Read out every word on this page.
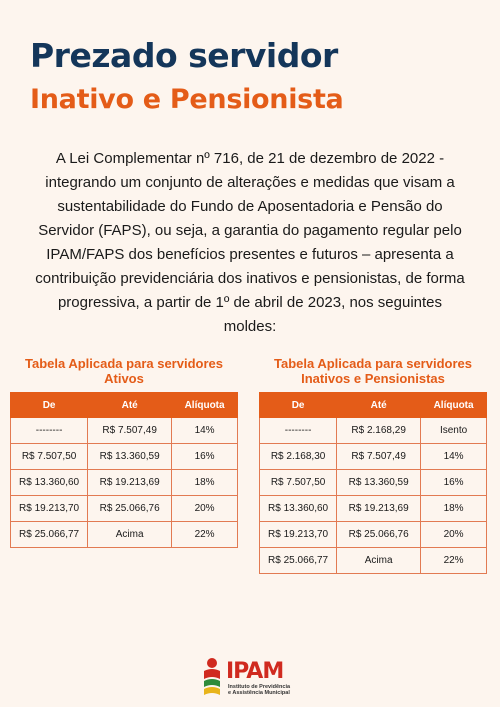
Prezado servidor
Inativo e Pensionista

A Lei Complementar nº 716, de 21 de dezembro de 2022 - integrando um conjunto de alterações e medidas que visam a sustentabilidade do Fundo de Aposentadoria e Pensão do Servidor (FAPS), ou seja, a garantia do pagamento regular pelo IPAM/FAPS dos benefícios presentes e futuros – apresenta a contribuição previdenciária dos inativos e pensionistas, de forma progressiva, a partir de 1º de abril de 2023, nos seguintes moldes:

Tabela Aplicada para servidores Ativos
De	Até	Alíquota
--------	R$ 7.507,49	14%
R$ 7.507,50	R$ 13.360,59	16%
R$ 13.360,60	R$ 19.213,69	18%
R$ 19.213,70	R$ 25.066,76	20%
R$ 25.066,77	Acima	22%
Tabela Aplicada para servidores Inativos e Pensionistas
De	Até	Alíquota
--------	R$ 2.168,29	Isento
R$ 2.168,30	R$ 7.507,49	14%
R$ 7.507,50	R$ 13.360,59	16%
R$ 13.360,60	R$ 19.213,69	18%
R$ 19.213,70	R$ 25.066,76	20%
R$ 25.066,77	Acima	22%
IPAM
Instituto de Previdência
e Assistência Municipal
